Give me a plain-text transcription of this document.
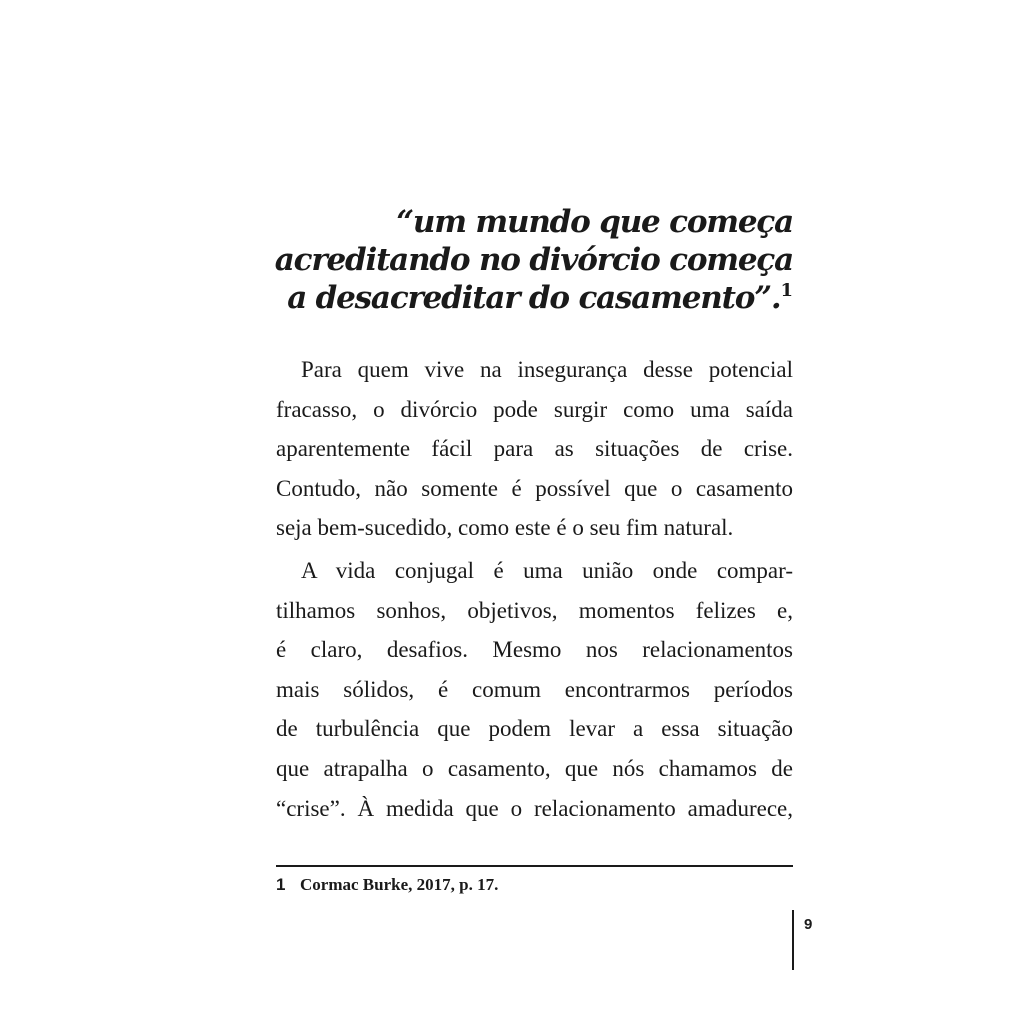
“um mundo que começa
acreditando no divórcio começa
a desacreditar do casamento”.$^1$
Para quem vive na insegurança desse potencial
fracasso, o divórcio pode surgir como uma saída
aparentemente fácil para as situações de crise.
Contudo, não somente é possível que o casamento
seja bem-sucedido, como este é o seu fim natural.
A vida conjugal é uma união onde compar-
tilhamos sonhos, objetivos, momentos felizes e,
é claro, desafios. Mesmo nos relacionamentos
mais sólidos, é comum encontrarmos períodos
de turbulência que podem levar a essa situação
que atrapalha o casamento, que nós chamamos de
“crise”. À medida que o relacionamento amadurece,
1 Cormac Burke, 2017, p. 17.
9
